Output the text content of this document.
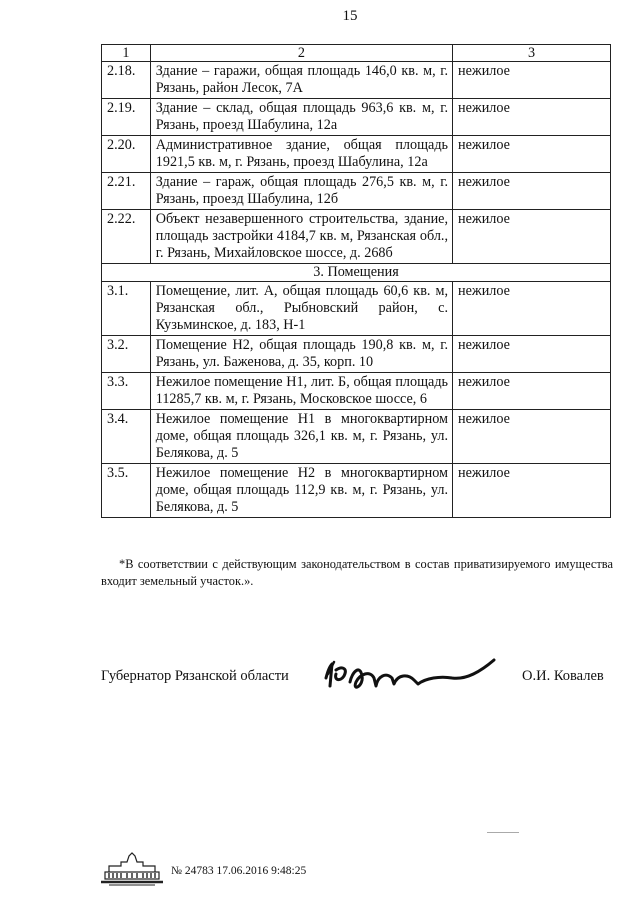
15
1	2	3
2.18.	Здание – гаражи, общая площадь 146,0 кв. м, г. Рязань, район Лесок, 7А	нежилое
2.19.	Здание – склад, общая площадь 963,6 кв. м, г. Рязань, проезд Шабулина, 12а	нежилое
2.20.	Административное здание, общая площадь 1921,5 кв. м, г. Рязань, проезд Шабулина, 12а	нежилое
2.21.	Здание – гараж, общая площадь 276,5 кв. м, г. Рязань, проезд Шабулина, 12б	нежилое
2.22.	Объект незавершенного строительства, здание, площадь застройки 4184,7 кв. м, Рязанская обл., г. Рязань, Михайловское шоссе, д. 268б	нежилое
3. Помещения		
3.1.	Помещение, лит. А, общая площадь 60,6 кв. м, Рязанская обл., Рыбновский район, с. Кузьминское, д. 183, Н-1	нежилое
3.2.	Помещение Н2, общая площадь 190,8 кв. м, г. Рязань, ул. Баженова, д. 35, корп. 10	нежилое
3.3.	Нежилое помещение Н1, лит. Б, общая площадь 11285,7 кв. м, г. Рязань, Московское шоссе, 6	нежилое
3.4.	Нежилое помещение Н1 в многоквартирном доме, общая площадь 326,1 кв. м, г. Рязань, ул. Белякова, д. 5	нежилое
3.5.	Нежилое помещение Н2 в многоквартирном доме, общая площадь 112,9 кв. м, г. Рязань, ул. Белякова, д. 5	нежилое
*В соответствии с действующим законодательством в состав приватизируемого имущества входит земельный участок.».
Губернатор Рязанской области	О.И. Ковалев
№ 24783 17.06.2016 9:48:25
